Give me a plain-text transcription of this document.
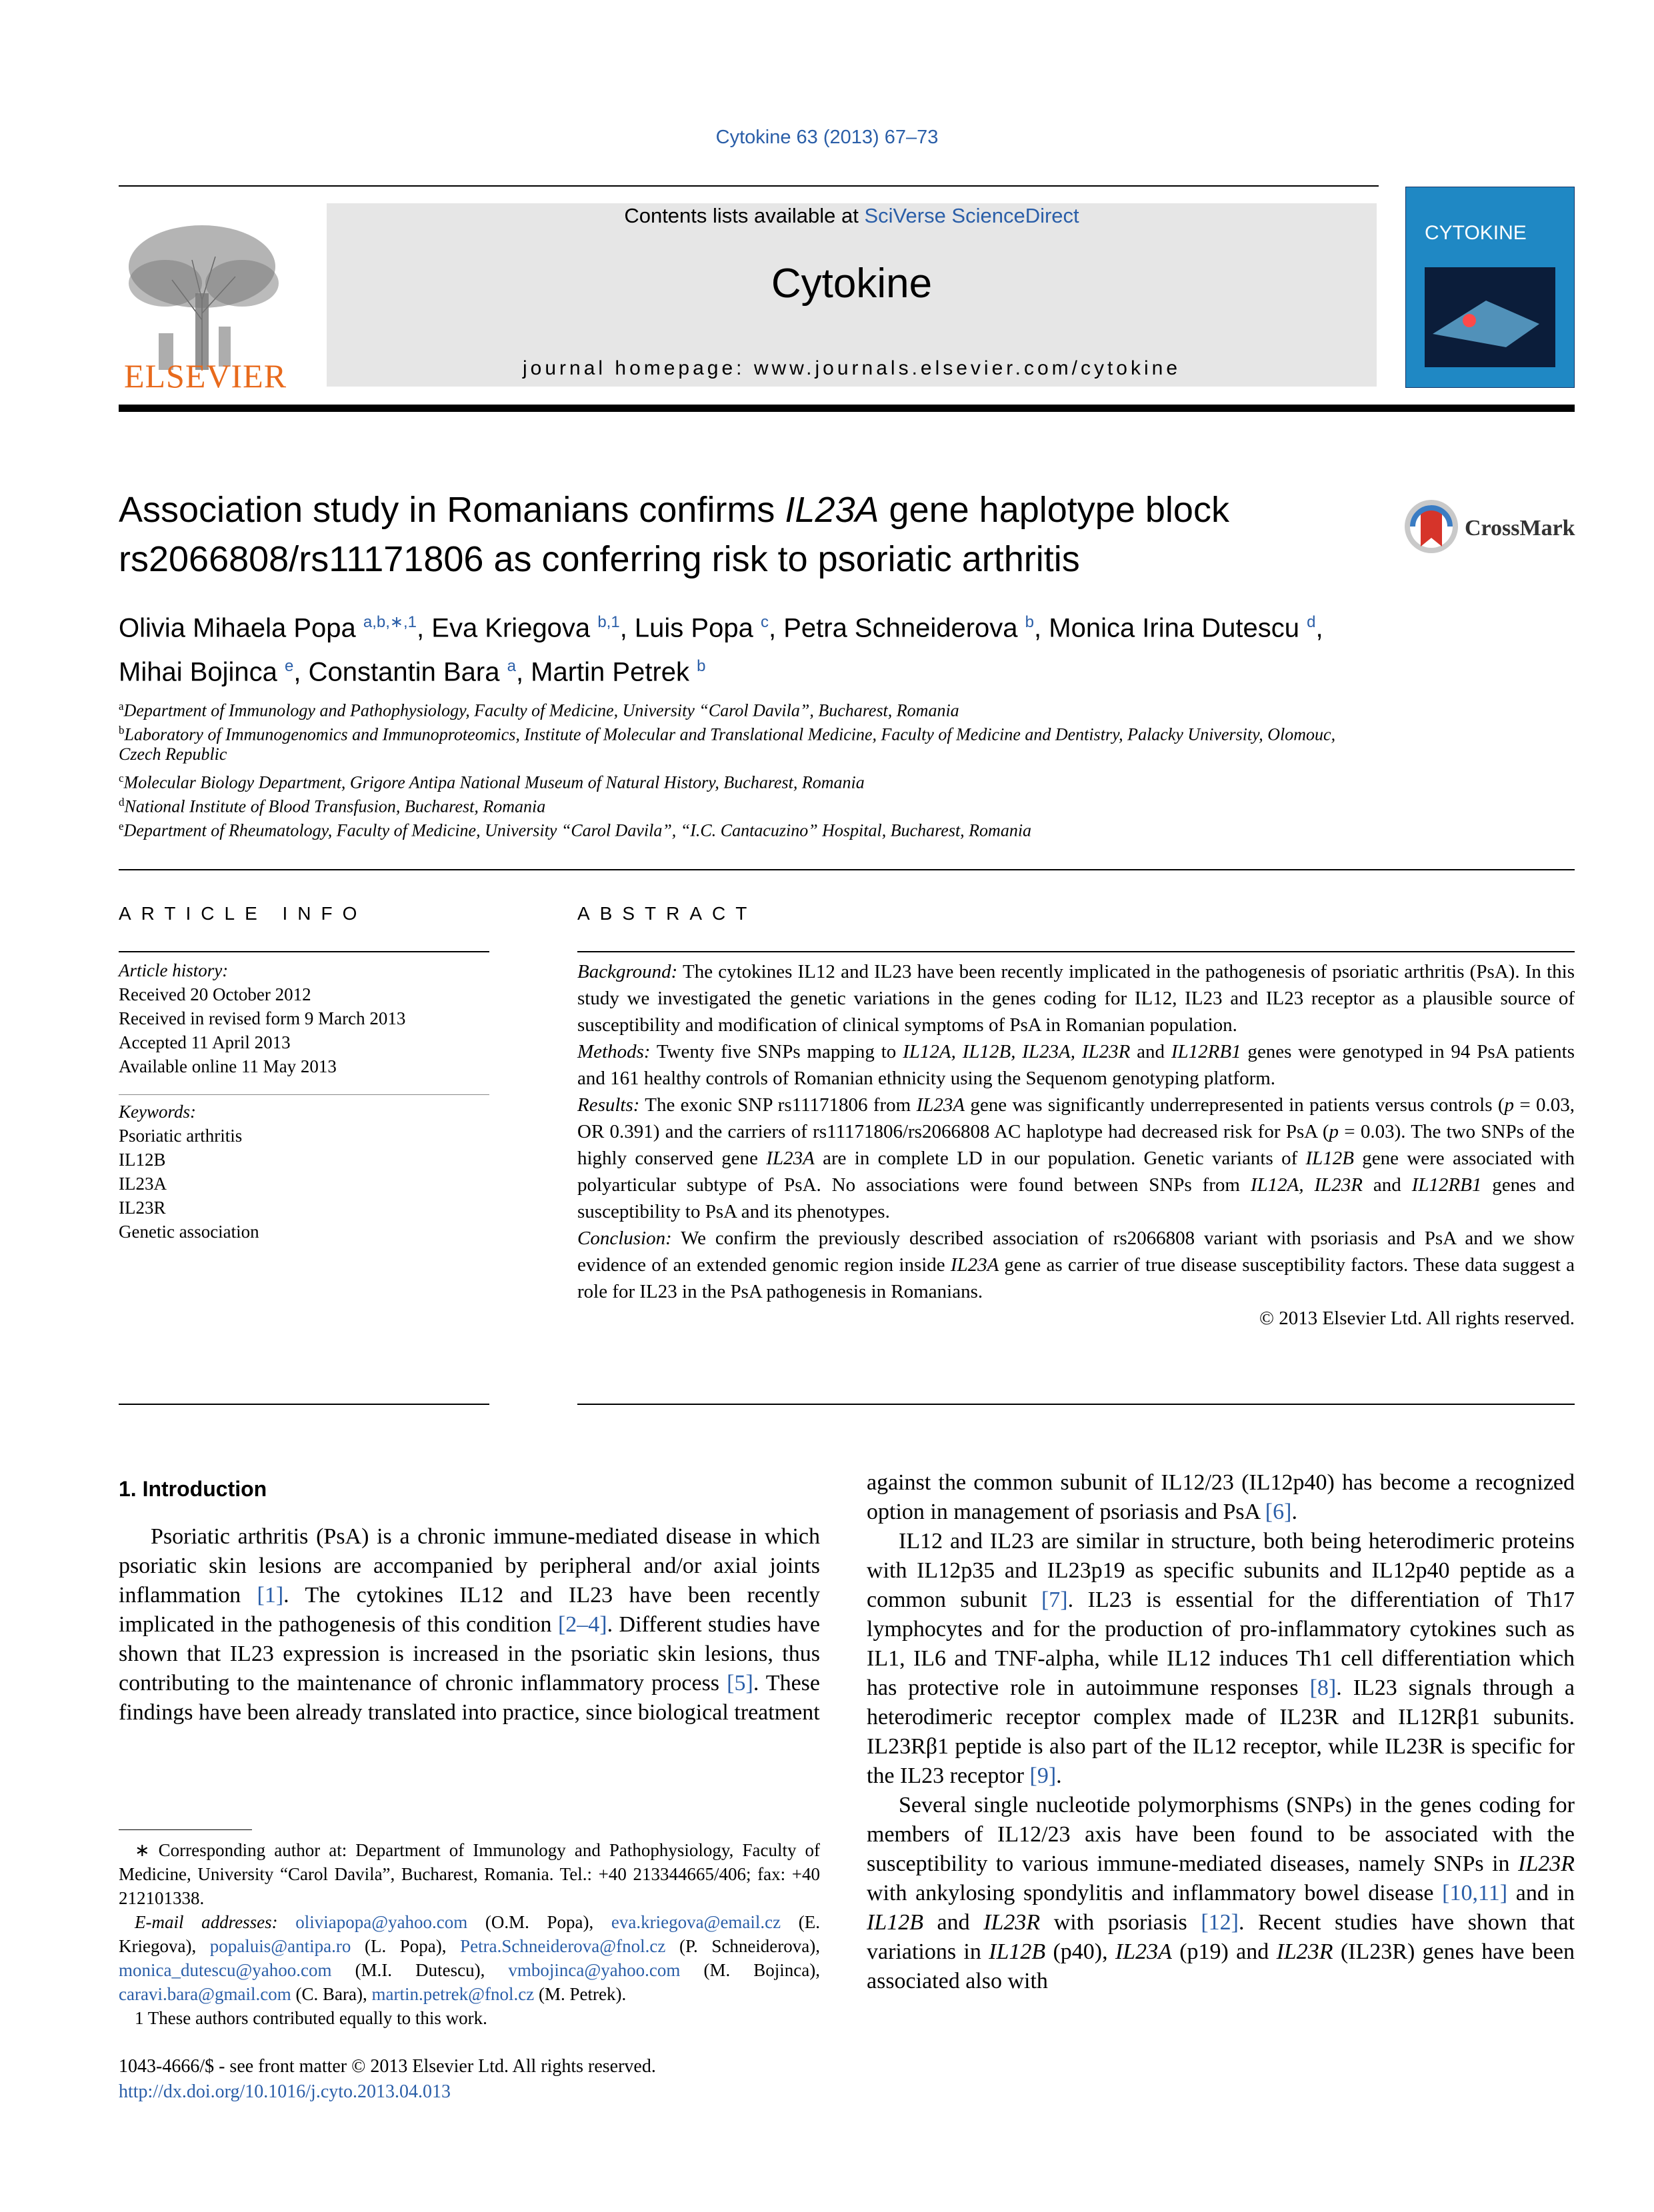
Cytokine 63 (2013) 67–73
ELSEVIER
Contents lists available at SciVerse ScienceDirect
Cytokine
journal homepage: www.journals.elsevier.com/cytokine
CYTOKINE
Association study in Romanians confirms IL23A gene haplotype block
rs2066808/rs11171806 as conferring risk to psoriatic arthritis
CrossMark
Olivia Mihaela Popa $^{a,b,∗,1}$, Eva Kriegova $^{b,1}$, Luis Popa $^c$, Petra Schneiderova $^b$, Monica Irina Dutescu $^d$,
Mihai Bojinca $^e$, Constantin Bara $^a$, Martin Petrek $^b$
$^a$Department of Immunology and Pathophysiology, Faculty of Medicine, University “Carol Davila”, Bucharest, Romania
$^b$Laboratory of Immunogenomics and Immunoproteomics, Institute of Molecular and Translational Medicine, Faculty of Medicine and Dentistry, Palacky University, Olomouc,
Czech Republic
$^c$Molecular Biology Department, Grigore Antipa National Museum of Natural History, Bucharest, Romania
$^d$National Institute of Blood Transfusion, Bucharest, Romania
$^e$Department of Rheumatology, Faculty of Medicine, University “Carol Davila”, “I.C. Cantacuzino” Hospital, Bucharest, Romania
ARTICLE INFO
Article history:
Received 20 October 2012
Received in revised form 9 March 2013
Accepted 11 April 2013
Available online 11 May 2013
Keywords:
Psoriatic arthritis
IL12B
IL23A
IL23R
Genetic association
ABSTRACT

Background: The cytokines IL12 and IL23 have been recently implicated in the pathogenesis of psoriatic arthritis (PsA). In this study we investigated the genetic variations in the genes coding for IL12, IL23 and IL23 receptor as a plausible source of susceptibility and modification of clinical symptoms of PsA in Romanian population.

Methods: Twenty five SNPs mapping to IL12A, IL12B, IL23A, IL23R and IL12RB1 genes were genotyped in 94 PsA patients and 161 healthy controls of Romanian ethnicity using the Sequenom genotyping platform.

Results: The exonic SNP rs11171806 from IL23A gene was significantly underrepresented in patients versus controls (p = 0.03, OR 0.391) and the carriers of rs11171806/rs2066808 AC haplotype had decreased risk for PsA (p = 0.03). The two SNPs of the highly conserved gene IL23A are in complete LD in our population. Genetic variants of IL12B gene were associated with polyarticular subtype of PsA. No associations were found between SNPs from IL12A, IL23R and IL12RB1 genes and susceptibility to PsA and its phenotypes.

Conclusion: We confirm the previously described association of rs2066808 variant with psoriasis and PsA and we show evidence of an extended genomic region inside IL23A gene as carrier of true disease susceptibility factors. These data suggest a role for IL23 in the PsA pathogenesis in Romanians.

© 2013 Elsevier Ltd. All rights reserved.

1. Introduction

Psoriatic arthritis (PsA) is a chronic immune-mediated disease in which psoriatic skin lesions are accompanied by peripheral and/or axial joints inflammation [1]. The cytokines IL12 and IL23 have been recently implicated in the pathogenesis of this condition [2–4]. Different studies have shown that IL23 expression is increased in the psoriatic skin lesions, thus contributing to the maintenance of chronic inflammatory process [5]. These findings have been already translated into practice, since biological treatment

against the common subunit of IL12/23 (IL12p40) has become a recognized option in management of psoriasis and PsA [6].

IL12 and IL23 are similar in structure, both being heterodimeric proteins with IL12p35 and IL23p19 as specific subunits and IL12p40 peptide as a common subunit [7]. IL23 is essential for the differentiation of Th17 lymphocytes and for the production of pro-inflammatory cytokines such as IL1, IL6 and TNF-alpha, while IL12 induces Th1 cell differentiation which has protective role in autoimmune responses [8]. IL23 signals through a heterodimeric receptor complex made of IL23R and IL12Rβ1 subunits. IL23Rβ1 peptide is also part of the IL12 receptor, while IL23R is specific for the IL23 receptor [9].

Several single nucleotide polymorphisms (SNPs) in the genes coding for members of IL12/23 axis have been found to be associated with the susceptibility to various immune-mediated diseases, namely SNPs in IL23R with ankylosing spondylitis and inflammatory bowel disease [10,11] and in IL12B and IL23R with psoriasis [12]. Recent studies have shown that variations in IL12B (p40), IL23A (p19) and IL23R (IL23R) genes have been associated also with

∗ Corresponding author at: Department of Immunology and Pathophysiology, Faculty of Medicine, University “Carol Davila”, Bucharest, Romania. Tel.: +40 213344665/406; fax: +40 212101338.

E-mail addresses: oliviapopa@yahoo.com (O.M. Popa), eva.kriegova@email.cz (E. Kriegova), popaluis@antipa.ro (L. Popa), Petra.Schneiderova@fnol.cz (P. Schneiderova), monica_dutescu@yahoo.com (M.I. Dutescu), vmbojinca@yahoo.com (M. Bojinca), caravi.bara@gmail.com (C. Bara), martin.petrek@fnol.cz (M. Petrek).

1 These authors contributed equally to this work.

1043-4666/$ - see front matter © 2013 Elsevier Ltd. All rights reserved.
http://dx.doi.org/10.1016/j.cyto.2013.04.013
